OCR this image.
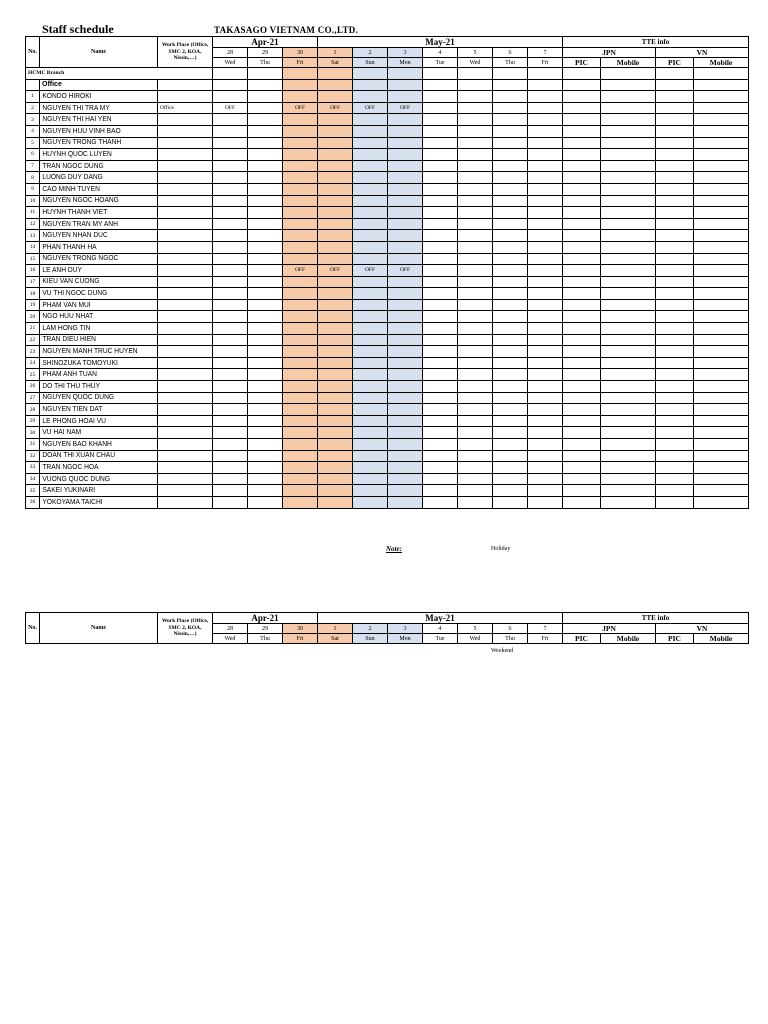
Staff schedule	TAKASAGO VIETNAM CO.,LTD.
No.	Name	Work Place (Office, SMC 2, KOA, Nissin,…)	Apr-21			May-21							TTE info			
			28	29	30	1	2	3	4	5	6	7	JPN		VN	
			Wed	Thu	Fri	Sat	Sun	Mon	Tue	Wed	Thu	Fri	PIC	Mobile	PIC	Mobile
HCMC Branch																
	Office															
1	KONDO HIROKI															
2	NGUYEN THI TRA MY	Office	OFF		OFF	OFF	OFF	OFF								
3	NGUYEN THI HAI YEN															
4	NGUYEN HUU VINH BAO															
5	NGUYEN TRONG THANH															
6	HUYNH QUOC LUYEN															
7	TRAN NGOC DUNG															
8	LUONG DUY DANG															
9	CAO MINH TUYEN															
10	NGUYEN NGOC HOANG															
11	HUYNH THANH VIET															
12	NGUYEN TRAN MY ANH															
13	NGUYEN NHAN DUC															
14	PHAN THANH HA															
15	NGUYEN TRONG NGOC															
16	LE ANH DUY				OFF	OFF	OFF	OFF								
17	KIEU VAN CUONG															
18	VU THI NGOC DUNG															
19	PHAM VAN MUI															
20	NGO HUU NHAT															
21	LAM HONG TIN															
22	TRAN DIEU HIEN															
23	NGUYEN MANH TRUC HUYEN															
24	SHINOZUKA TOMOYUKI															
25	PHAM ANH TUAN															
26	DO THI THU THUY															
27	NGUYEN QUOC DUNG															
28	NGUYEN TIEN DAT															
29	LE PHONG HOAI VU															
30	VU HAI NAM															
31	NGUYEN BAO KHANH															
32	DOAN THI XUAN CHAU															
33	TRAN NGOC HOA															
34	VUONG QUOC DUNG															
35	SAKEI YUKINARI															
36	YOKOYAMA TAICHI															
Note:	Holiday
No.	Name	Work Place (Office, SMC 2, KOA, Nissin,…)	Apr-21			May-21							TTE info			
			28	29	30	1	2	3	4	5	6	7	JPN		VN	
			Wed	Thu	Fri	Sat	Sun	Mon	Tue	Wed	Thu	Fri	PIC	Mobile	PIC	Mobile
Weekend
